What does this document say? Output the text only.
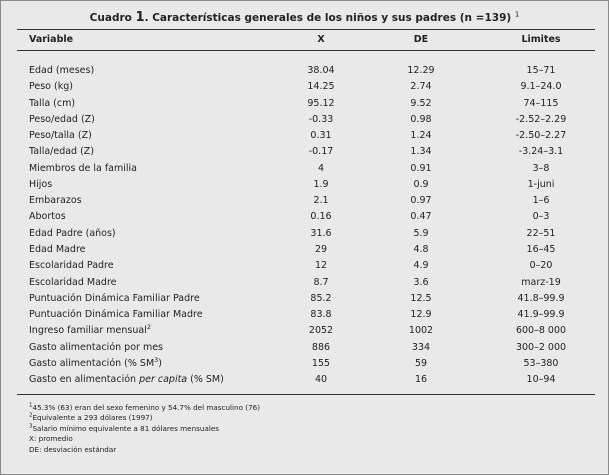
Cuadro 1. Características generales de los niños y sus padres (n =139) $^1$
Variable	X	DE	Limites
Edad (meses)	38.04	12.29	15–71
Peso (kg)	14.25	2.74	9.1–24.0
Talla (cm)	95.12	9.52	74–115
Peso/edad (Z)	-0.33	0.98	-2.52–2.29
Peso/talla (Z)	0.31	1.24	-2.50–2.27
Talla/edad (Z)	-0.17	1.34	-3.24–3.1
Miembros de la familia	4	0.91	3–8
Hijos	1.9	0.9	1-juni
Embarazos	2.1	0.97	1–6
Abortos	0.16	0.47	0–3
Edad Padre (años)	31.6	5.9	22–51
Edad Madre	29	4.8	16–45
Escolaridad Padre	12	4.9	0–20
Escolaridad Madre	8.7	3.6	marz-19
Puntuación Dinámica Familiar Padre	85.2	12.5	41.8–99.9
Puntuación Dinámica Familiar Madre	83.8	12.9	41.9–99.9
Ingreso familiar mensual$^2$	2052	1002	600–8 000
Gasto alimentación por mes	886	334	300–2 000
Gasto alimentación (% $SM^3$)	155	59	53–380
Gasto en alimentación per capita (% SM)	40	16	10–94
$^1$45.3% (63) eran del sexo femenino y 54.7% del masculino (76)
$^2$Equivalente a 293 dólares (1997)
$^3$Salario mínimo equivalente a 81 dólares mensuales
X: promedio
DE: desviación estándar
